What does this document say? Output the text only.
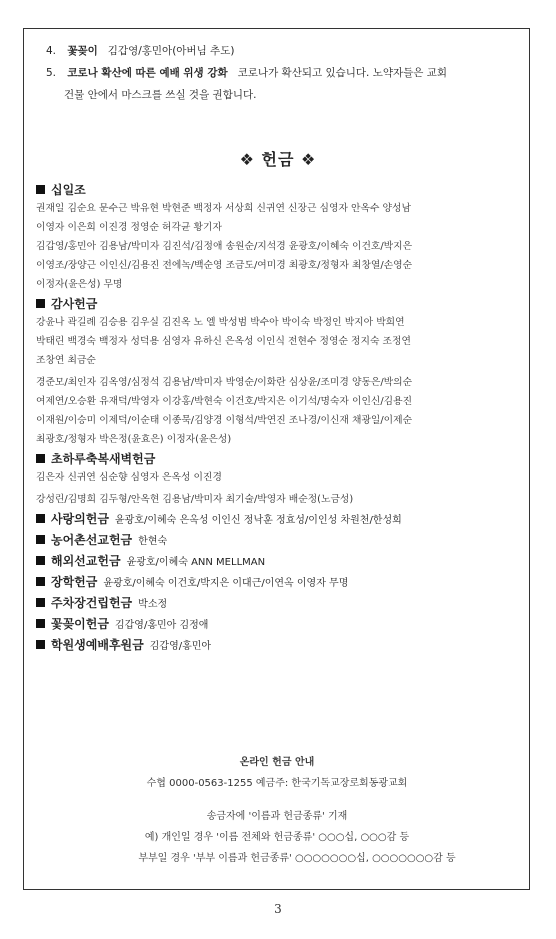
4. 꽃꽂이 김갑영/홍민아(아버님 추도)
5. 코로나 확산에 따른 예배 위생 강화 코로나가 확산되고 있습니다. 노약자들은 교회
건물 안에서 마스크를 쓰실 것을 권합니다.
❖ 헌금 ❖
십일조
권재일 김순요 문수근 박유현 박현준 백정자 서상희 신귀연 신장근 심영자 안옥수 양성남
이영자 이은희 이진경 정영순 허각균 황기자
김갑영/홍민아 김용남/박미자 김진석/김정애 송원순/지석경 윤광호/이혜숙 이건호/박지은
이영조/장양근 이인신/김용진 전에녹/백순영 조금도/여미경 최광호/정형자 최창열/손영순
이정자(윤은성) 무명
감사헌금
강윤나 곽길례 김승용 김우실 김진옥 노 엘 박성범 박수아 박이숙 박정인 박지아 박희연
박태린 백경숙 백정자 성덕용 심영자 유하신 은옥성 이인식 전현수 정영순 정지숙 조정연
조창연 최금순
경준모/최인자 김옥영/심정석 김용남/박미자 박영순/이화란 심상윤/조미경 양동은/박의순
여제연/오승환 유재덕/박영자 이강홍/박현숙 이건호/박지은 이기석/명숙자 이인신/김용진
이재원/이승미 이제덕/이순태 이종묵/김양경 이형석/박연진 조나경/이신재 채광일/이제순
최광호/정형자 박은정(윤효은) 이정자(윤은성)
초하루축복새벽헌금
김은자 신귀연 심순향 심영자 은옥성 이진경
강성린/김명희 김두형/안옥현 김용남/박미자 최기술/박영자 배순정(노금성)
사랑의헌금 윤광호/이혜숙 은옥성 이인신 정낙훈 정효성/이인성 차원천/한성희
농어촌선교헌금 한현숙
해외선교헌금 윤광호/이혜숙 ANN MELLMAN
장학헌금 윤광호/이혜숙 이건호/박지은 이대근/이연옥 이영자 무명
주차장건립헌금 박소정
꽃꽂이헌금 김갑영/홍민아 김정애
학원생예배후원금 김갑영/홍민아
온라인 헌금 안내
수협 0000-0563-1255 예금주: 한국기독교장로회동광교회
송금자에 '이름과 헌금종류' 기재
예) 개인일 경우 '이름 전체와 헌금종류' ○○○십, ○○○감 등
부부일 경우 '부부 이름과 헌금종류' ○○○○○○○십, ○○○○○○○감 등
3
